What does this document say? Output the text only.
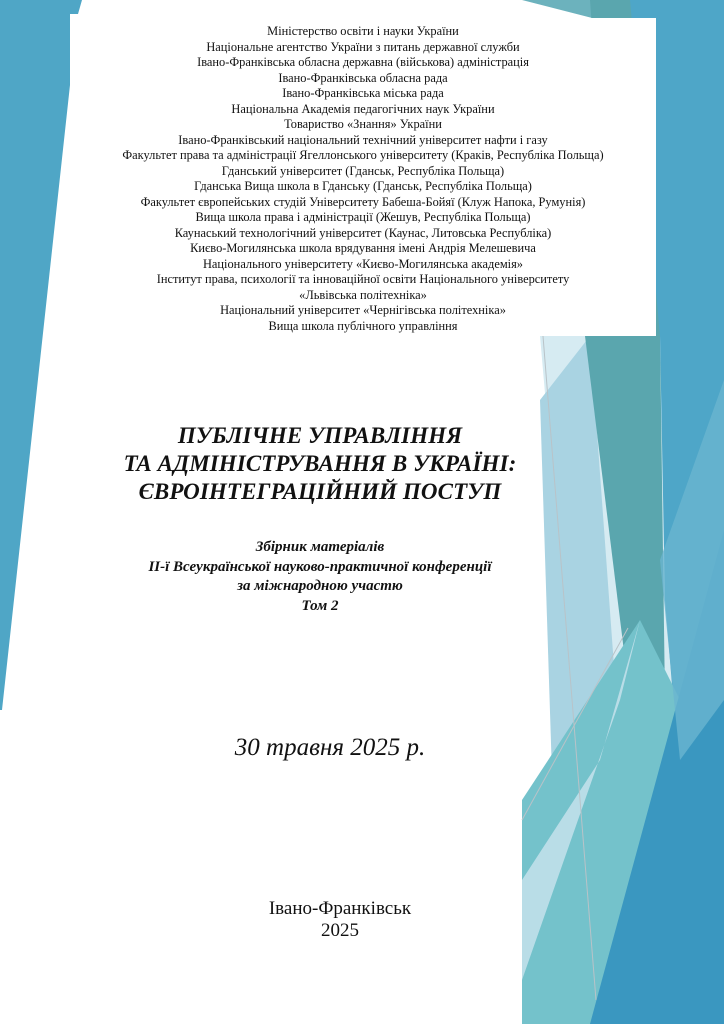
Міністерство освіти і науки України
Національне агентство України з питань державної служби
Івано-Франківська обласна державна (військова) адміністрація
Івано-Франківська обласна рада
Івано-Франківська міська рада
Національна Академія педагогічних наук України
Товариство «Знання» України
Івано-Франківський національний технічний університет нафти і газу
Факультет права та адміністрації Ягеллонського університету (Краків, Республіка Польща)
Гданський університет (Гданськ, Республіка Польща)
Гданська Вища школа в Гданську (Гданськ, Республіка Польща)
Факультет європейських студій Університету Бабеша-Бойяї (Клуж Напока, Румунія)
Вища школа права і адміністрації (Жешув, Республіка Польща)
Каунаський технологічний університет (Каунас, Литовська Республіка)
Києво-Могилянська школа врядування імені Андрія Мелешевича
Національного університету «Києво-Могилянська академія»
Інститут права, психології та інноваційної освіти Національного університету
«Львівська політехніка»
Національний університет «Чернігівська політехніка»
Вища школа публічного управління
ПУБЛІЧНЕ УПРАВЛІННЯ
ТА АДМІНІСТРУВАННЯ В УКРАЇНІ:
ЄВРОІНТЕГРАЦІЙНИЙ ПОСТУП
Збірник матеріалів
ІІ-ї Всеукраїнської науково-практичної конференції
за міжнародною участю
Том 2
30 травня 2025 р.
Івано-Франківськ
2025
